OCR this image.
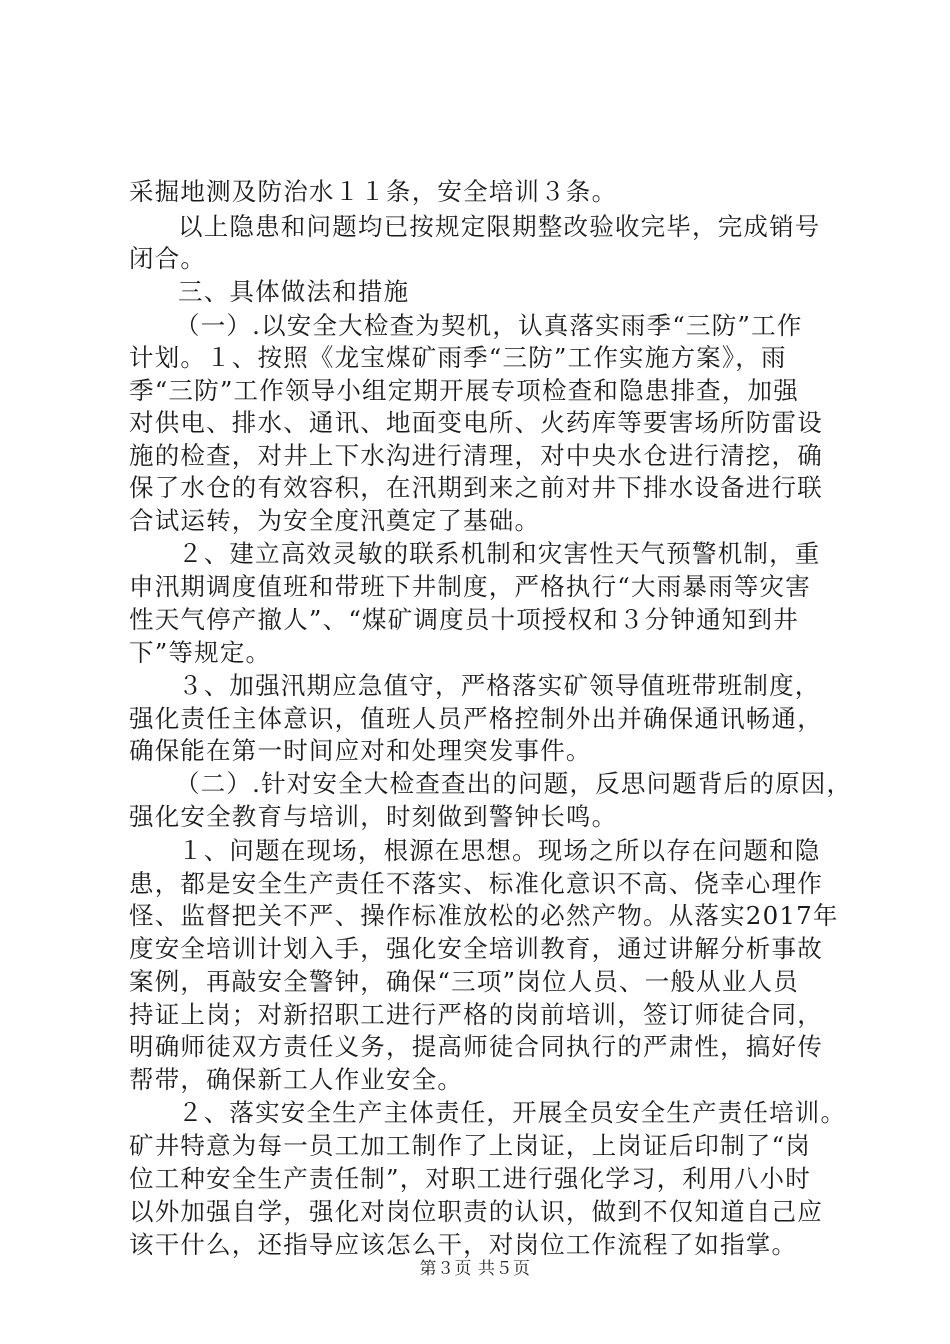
采掘地测及防治水１１条，安全培训３条。
以上隐患和问题均已按规定限期整改验收完毕，完成销号
闭合。
三、具体做法和措施
（一）.以安全大检查为契机，认真落实雨季“三防”工作
计划。１、按照《龙宝煤矿雨季“三防”工作实施方案》，雨
季“三防”工作领导小组定期开展专项检查和隐患排查，加强
对供电、排水、通讯、地面变电所、火药库等要害场所防雷设
施的检查，对井上下水沟进行清理，对中央水仓进行清挖，确
保了水仓的有效容积，在汛期到来之前对井下排水设备进行联
合试运转，为安全度汛奠定了基础。
２、建立高效灵敏的联系机制和灾害性天气预警机制，重
申汛期调度值班和带班下井制度，严格执行“大雨暴雨等灾害
性天气停产撤人”、“煤矿调度员十项授权和３分钟通知到井
下”等规定。
３、加强汛期应急值守，严格落实矿领导值班带班制度，
强化责任主体意识，值班人员严格控制外出并确保通讯畅通，
确保能在第一时间应对和处理突发事件。
（二）.针对安全大检查查出的问题，反思问题背后的原因，
强化安全教育与培训，时刻做到警钟长鸣。
１、问题在现场，根源在思想。现场之所以存在问题和隐
患，都是安全生产责任不落实、标准化意识不高、侥幸心理作
怪、监督把关不严、操作标准放松的必然产物。从落实2017年
度安全培训计划入手，强化安全培训教育，通过讲解分析事故
案例，再敲安全警钟，确保“三项”岗位人员、一般从业人员
持证上岗；对新招职工进行严格的岗前培训，签订师徒合同，
明确师徒双方责任义务，提高师徒合同执行的严肃性，搞好传
帮带，确保新工人作业安全。
２、落实安全生产主体责任，开展全员安全生产责任培训。
矿井特意为每一员工加工制作了上岗证，上岗证后印制了“岗
位工种安全生产责任制”，对职工进行强化学习，利用八小时
以外加强自学，强化对岗位职责的认识，做到不仅知道自己应
该干什么，还指导应该怎么干，对岗位工作流程了如指掌。
第３页 共５页
